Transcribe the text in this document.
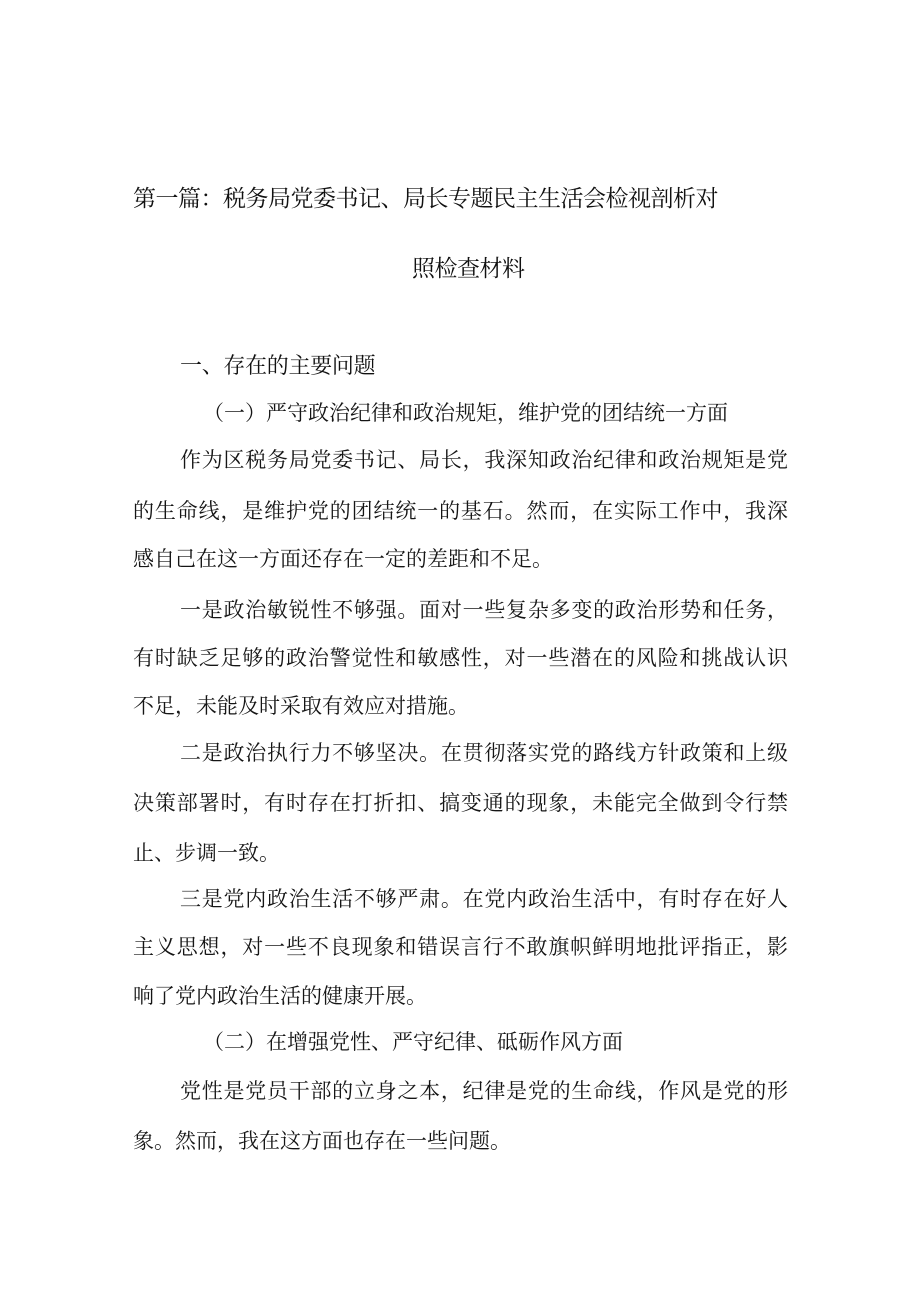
第一篇：税务局党委书记、局长专题民主生活会检视剖析对
照检查材料
一、存在的主要问题
（一）严守政治纪律和政治规矩，维护党的团结统一方面
作为区税务局党委书记、局长，我深知政治纪律和政治规矩是党
的生命线，是维护党的团结统一的基石。然而，在实际工作中，我深
感自己在这一方面还存在一定的差距和不足。
一是政治敏锐性不够强。面对一些复杂多变的政治形势和任务，
有时缺乏足够的政治警觉性和敏感性，对一些潜在的风险和挑战认识
不足，未能及时采取有效应对措施。
二是政治执行力不够坚决。在贯彻落实党的路线方针政策和上级
决策部署时，有时存在打折扣、搞变通的现象，未能完全做到令行禁
止、步调一致。
三是党内政治生活不够严肃。在党内政治生活中，有时存在好人
主义思想，对一些不良现象和错误言行不敢旗帜鲜明地批评指正，影
响了党内政治生活的健康开展。
（二）在增强党性、严守纪律、砥砺作风方面
党性是党员干部的立身之本，纪律是党的生命线，作风是党的形
象。然而，我在这方面也存在一些问题。
